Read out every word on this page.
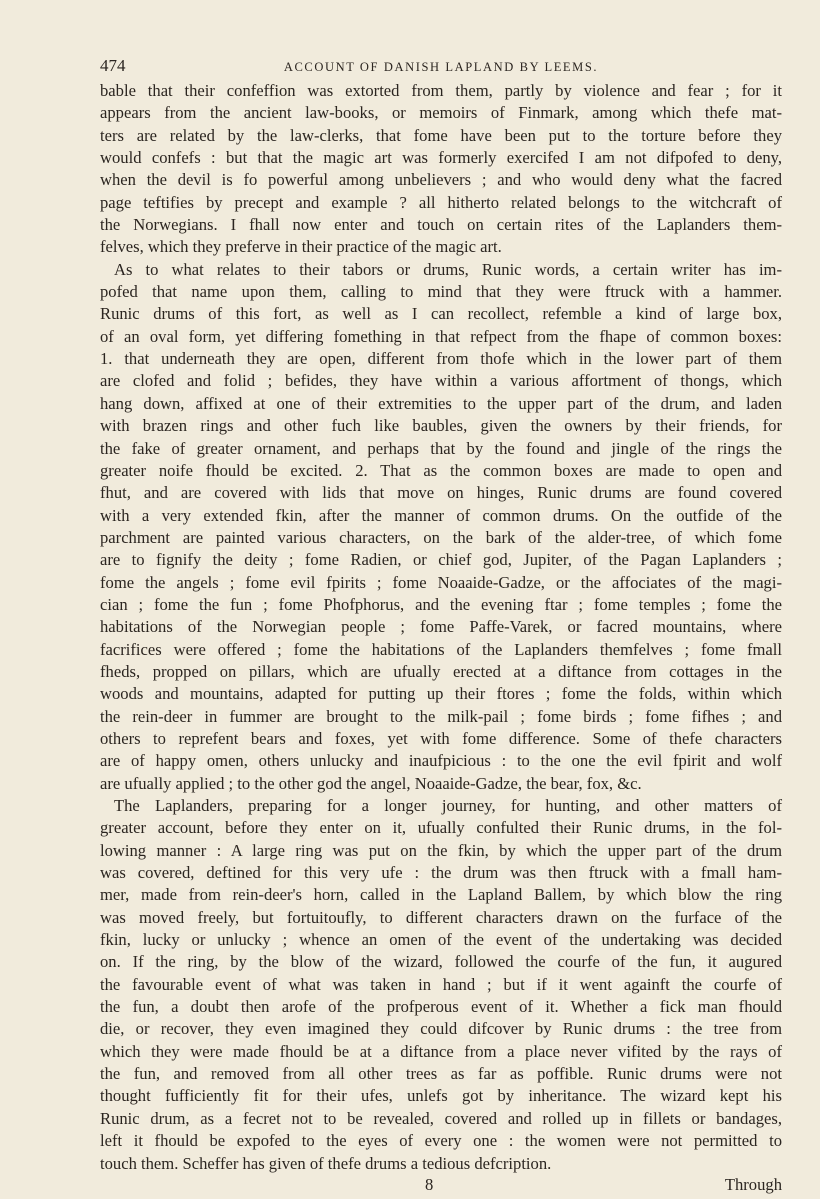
474	ACCOUNT OF DANISH LAPLAND BY LEEMS.
bable that their confeffion was extorted from them, partly by violence and fear ; for it
appears from the ancient law-books, or memoirs of Finmark, among which thefe mat-
ters are related by the law-clerks, that fome have been put to the torture before they
would confefs : but that the magic art was formerly exercifed I am not difpofed to deny,
when the devil is fo powerful among unbelievers ; and who would deny what the facred
page teftifies by precept and example ? all hitherto related belongs to the witchcraft of
the Norwegians. I fhall now enter and touch on certain rites of the Laplanders them-
felves, which they preferve in their practice of the magic art.
As to what relates to their tabors or drums, Runic words, a certain writer has im-
pofed that name upon them, calling to mind that they were ftruck with a hammer.
Runic drums of this fort, as well as I can recollect, refemble a kind of large box,
of an oval form, yet differing fomething in that refpect from the fhape of common boxes:
1. that underneath they are open, different from thofe which in the lower part of them
are clofed and folid ; befides, they have within a various affortment of thongs, which
hang down, affixed at one of their extremities to the upper part of the drum, and laden
with brazen rings and other fuch like baubles, given the owners by their friends, for
the fake of greater ornament, and perhaps that by the found and jingle of the rings the
greater noife fhould be excited. 2. That as the common boxes are made to open and
fhut, and are covered with lids that move on hinges, Runic drums are found covered
with a very extended fkin, after the manner of common drums. On the outfide of the
parchment are painted various characters, on the bark of the alder-tree, of which fome
are to fignify the deity ; fome Radien, or chief god, Jupiter, of the Pagan Laplanders ;
fome the angels ; fome evil fpirits ; fome Noaaide-Gadze, or the affociates of the magi-
cian ; fome the fun ; fome Phofphorus, and the evening ftar ; fome temples ; fome the
habitations of the Norwegian people ; fome Paffe-Varek, or facred mountains, where
facrifices were offered ; fome the habitations of the Laplanders themfelves ; fome fmall
fheds, propped on pillars, which are ufually erected at a diftance from cottages in the
woods and mountains, adapted for putting up their ftores ; fome the folds, within which
the rein-deer in fummer are brought to the milk-pail ; fome birds ; fome fifhes ; and
others to reprefent bears and foxes, yet with fome difference. Some of thefe characters
are of happy omen, others unlucky and inaufpicious : to the one the evil fpirit and wolf
are ufually applied ; to the other god the angel, Noaaide-Gadze, the bear, fox, &c.
The Laplanders, preparing for a longer journey, for hunting, and other matters of
greater account, before they enter on it, ufually confulted their Runic drums, in the fol-
lowing manner : A large ring was put on the fkin, by which the upper part of the drum
was covered, deftined for this very ufe : the drum was then ftruck with a fmall ham-
mer, made from rein-deer's horn, called in the Lapland Ballem, by which blow the ring
was moved freely, but fortuitoufly, to different characters drawn on the furface of the
fkin, lucky or unlucky ; whence an omen of the event of the undertaking was decided
on. If the ring, by the blow of the wizard, followed the courfe of the fun, it augured
the favourable event of what was taken in hand ; but if it went againft the courfe of
the fun, a doubt then arofe of the profperous event of it. Whether a fick man fhould
die, or recover, they even imagined they could difcover by Runic drums : the tree from
which they were made fhould be at a diftance from a place never vifited by the rays of
the fun, and removed from all other trees as far as poffible. Runic drums were not
thought fufficiently fit for their ufes, unlefs got by inheritance. The wizard kept his
Runic drum, as a fecret not to be revealed, covered and rolled up in fillets or bandages,
left it fhould be expofed to the eyes of every one : the women were not permitted to
touch them. Scheffer has given of thefe drums a tedious defcription.
8	Through
